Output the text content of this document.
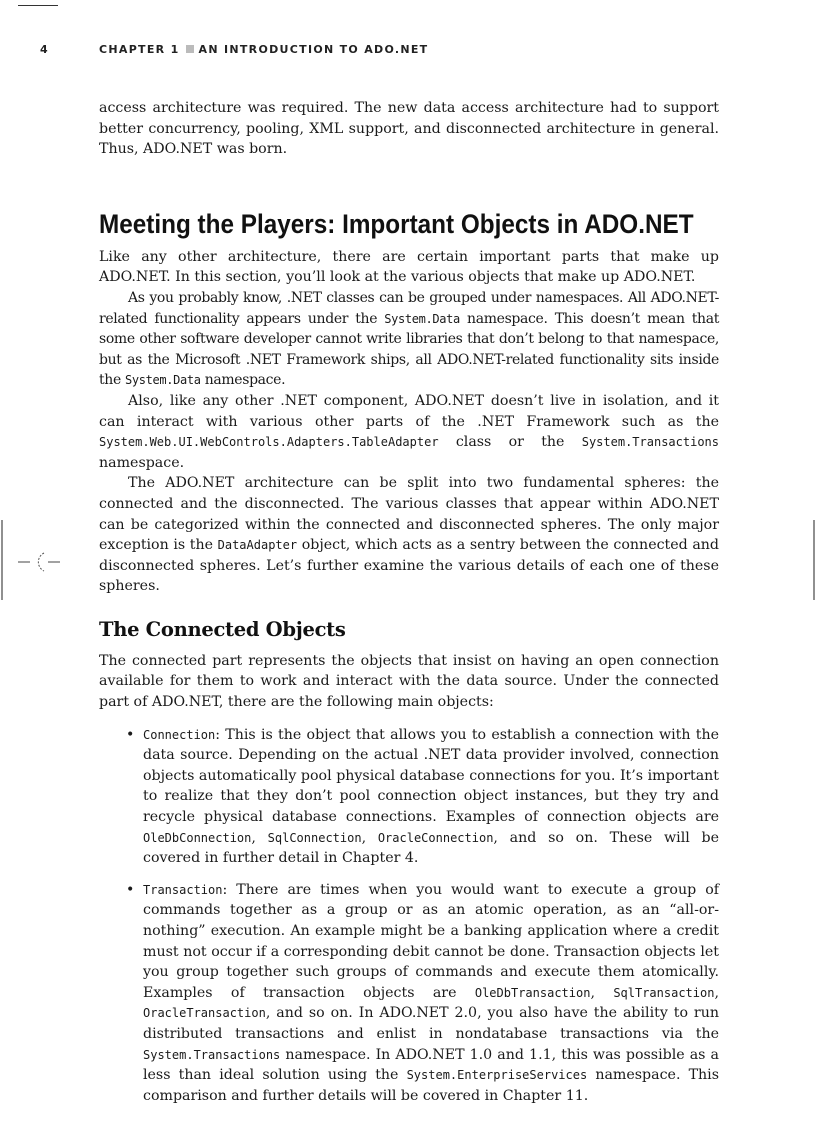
4	CHAPTER 1 AN INTRODUCTION TO ADO.NET

access architecture was required. The new data access architecture had to support better concurrency, pooling, XML support, and disconnected architecture in general. Thus, ADO.NET was born.

Meeting the Players: Important Objects in ADO.NET

Like any other architecture, there are certain important parts that make up ADO.NET. In this section, you’ll look at the various objects that make up ADO.NET.

As you probably know, .NET classes can be grouped under namespaces. All ADO.NET-related functionality appears under the System.Data namespace. This doesn’t mean that some other software developer cannot write libraries that don’t belong to that namespace, but as the Microsoft .NET Framework ships, all ADO.NET-related functionality sits inside the System.Data namespace.

Also, like any other .NET component, ADO.NET doesn’t live in isolation, and it can interact with various other parts of the .NET Framework such as the System.Web.UI.WebControls.Adapters.TableAdapter class or the System.Transactions namespace.

The ADO.NET architecture can be split into two fundamental spheres: the connected and the disconnected. The various classes that appear within ADO.NET can be categorized within the connected and disconnected spheres. The only major exception is the DataAdapter object, which acts as a sentry between the connected and disconnected spheres. Let’s further examine the various details of each one of these spheres.

The Connected Objects

The connected part represents the objects that insist on having an open connection available for them to work and interact with the data source. Under the connected part of ADO.NET, there are the following main objects:

• Connection: This is the object that allows you to establish a connection with the data source. Depending on the actual .NET data provider involved, connection objects automatically pool physical database connections for you. It’s important to realize that they don’t pool connection object instances, but they try and recycle physical database connections. Examples of connection objects are OleDbConnection, SqlConnection, OracleConnection, and so on. These will be covered in further detail in Chapter 4.
• Transaction: There are times when you would want to execute a group of commands together as a group or as an atomic operation, as an “all-or-nothing” execution. An example might be a banking application where a credit must not occur if a corresponding debit cannot be done. Transaction objects let you group together such groups of commands and execute them atomically. Examples of transaction objects are OleDbTransaction, SqlTransaction, OracleTransaction, and so on. In ADO.NET 2.0, you also have the ability to run distributed transactions and enlist in nondatabase transactions via the System.Transactions namespace. In ADO.NET 1.0 and 1.1, this was possible as a less than ideal solution using the System.EnterpriseServices namespace. This comparison and further details will be covered in Chapter 11.
